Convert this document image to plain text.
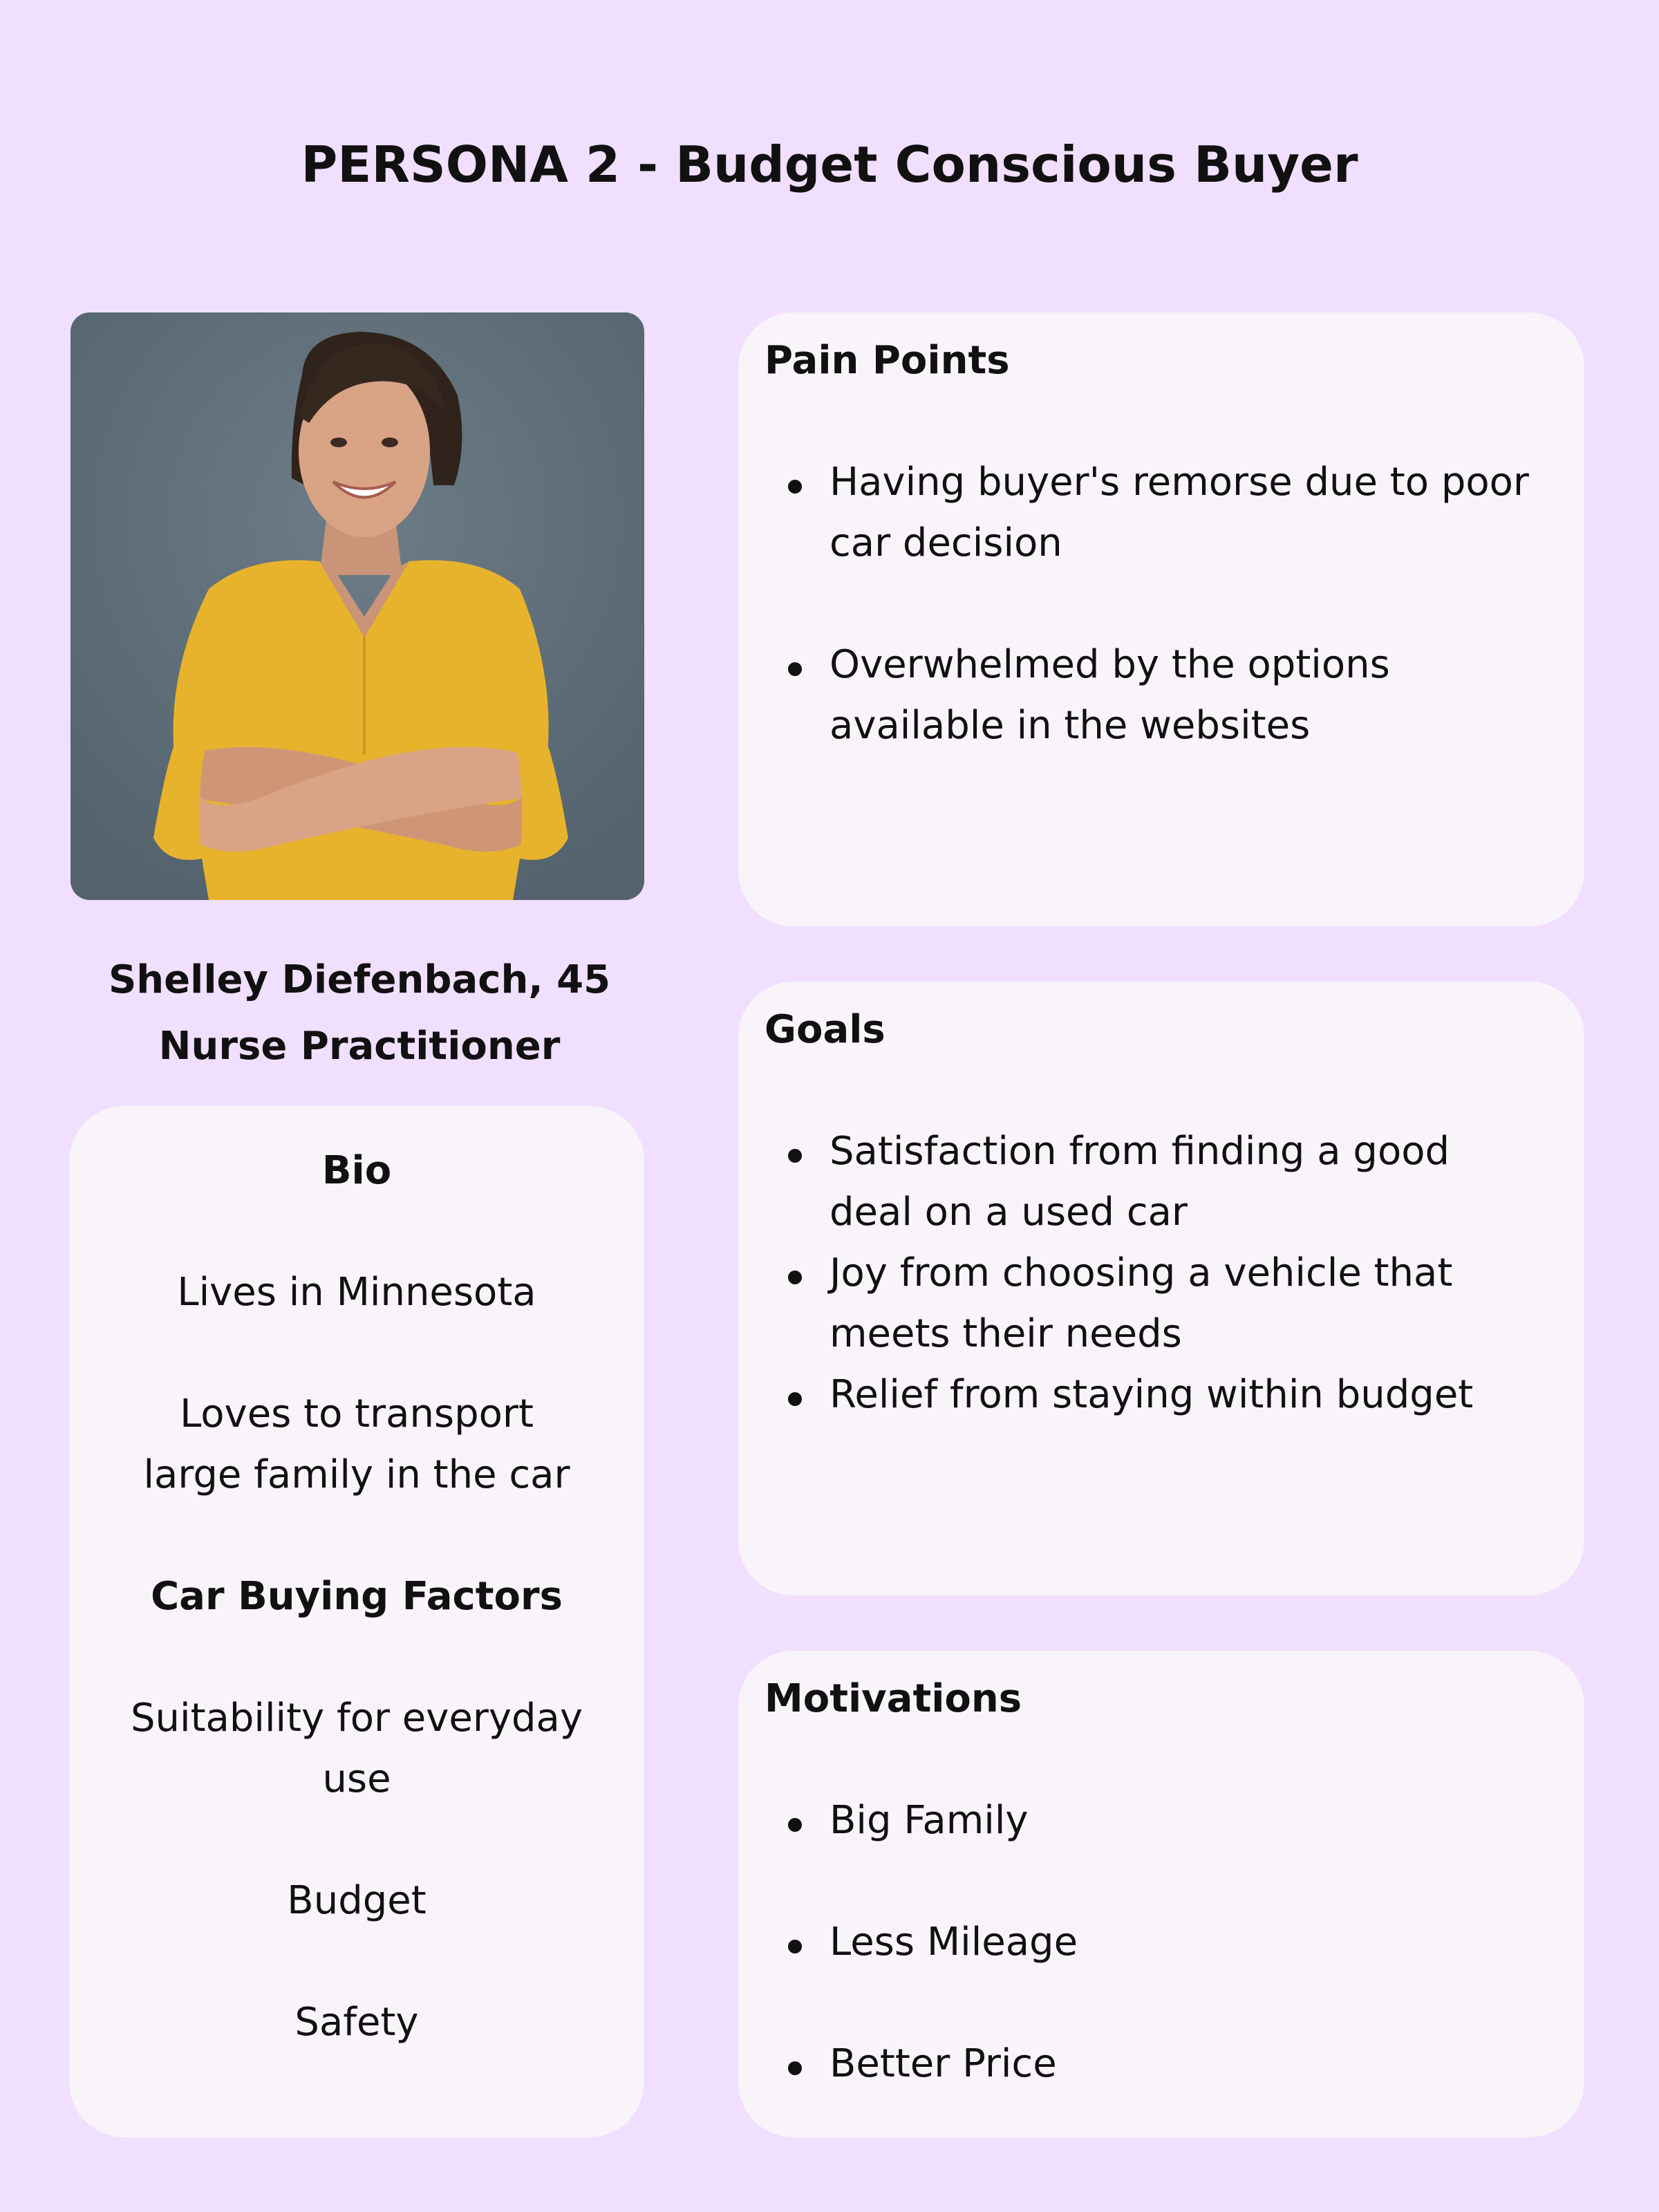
PERSONA 2 - Budget Conscious Buyer
Shelley Diefenbach, 45
Nurse Practitioner
Bio
Lives in Minnesota
Loves to transport
large family in the car
Car Buying Factors
Suitability for everyday
use
Budget
Safety
Pain Points
Having buyer's remorse due to poor
car decision
Overwhelmed by the options
available in the websites
Goals
Satisfaction from finding a good
deal on a used car
Joy from choosing a vehicle that
meets their needs
Relief from staying within budget
Motivations
Big Family
Less Mileage
Better Price
